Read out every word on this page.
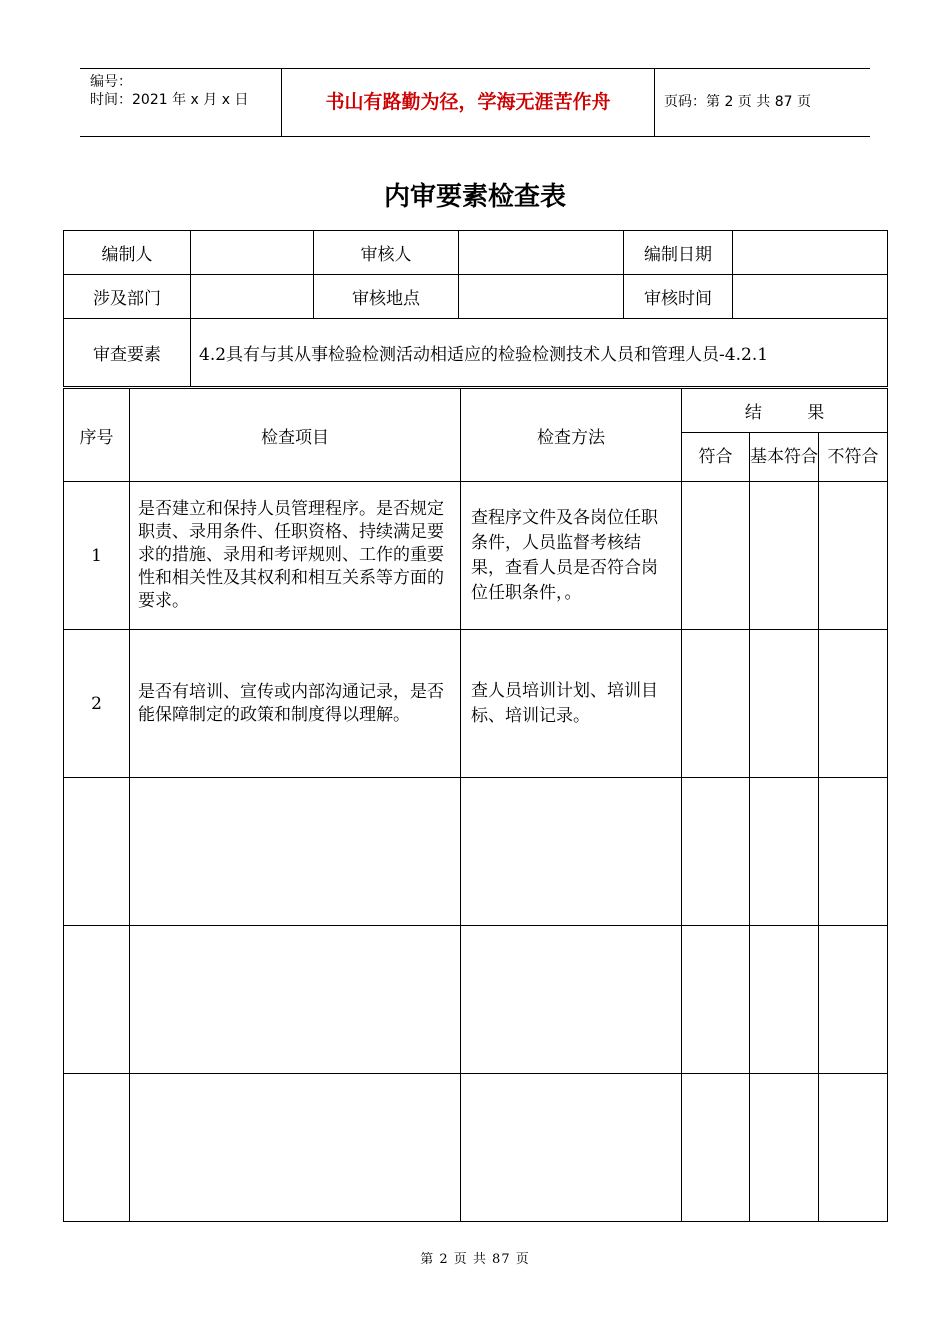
编号：
时间：2021 年 x 月 x 日	书山有路勤为径，学海无涯苦作舟	页码：第 2 页 共 87 页
内审要素检查表
编制人		审核人		编制日期	
涉及部门		审核地点		审核时间	
审查要素	4.2具有与其从事检验检测活动相适应的检验检测技术人员和管理人员-4.2.1				
序号	检查项目	检查方法	结 果		
			符合	基本符合	不符合
1	是否建立和保持人员管理程序。是否规定职责、录用条件、任职资格、持续满足要求的措施、录用和考评规则、工作的重要性和相关性及其权利和相互关系等方面的要求。	查程序文件及各岗位任职条件，人员监督考核结果，查看人员是否符合岗位任职条件，。			
2	是否有培训、宣传或内部沟通记录，是否能保障制定的政策和制度得以理解。	查人员培训计划、培训目标、培训记录。			

第 2 页 共 87 页
